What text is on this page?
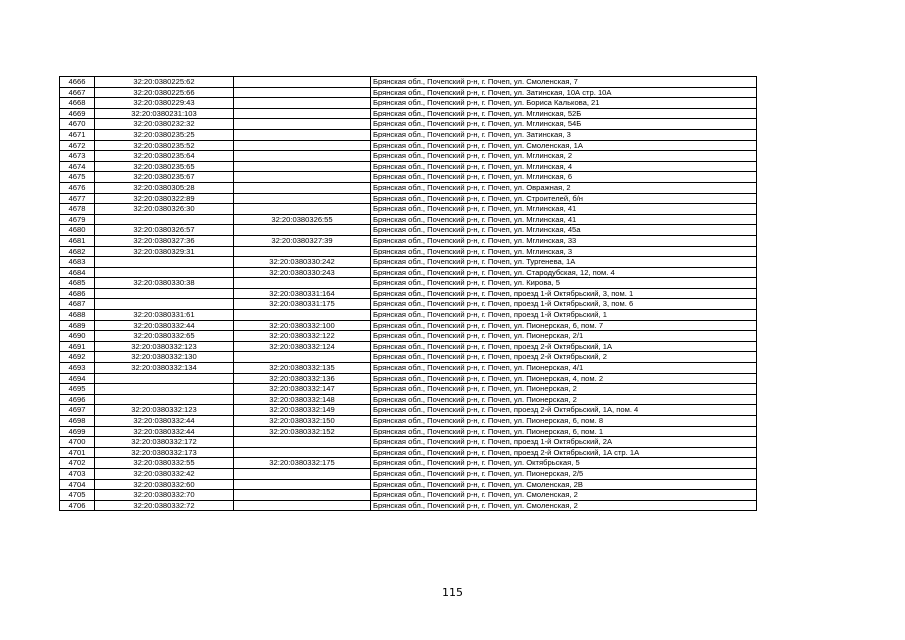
4666	32:20:0380225:62		Брянская обл., Почепский р-н, г. Почеп, ул. Смоленская, 7
4667	32:20:0380225:66		Брянская обл., Почепский р-н, г. Почеп, ул. Затинская, 10А стр. 10А
4668	32:20:0380229:43		Брянская обл., Почепский р-н, г. Почеп, ул. Бориса Калькова, 21
4669	32:20:0380231:103		Брянская обл., Почепский р-н, г. Почеп, ул. Мглинская, 52Б
4670	32:20:0380232:32		Брянская обл., Почепский р-н, г. Почеп, ул. Мглинская, 54Б
4671	32:20:0380235:25		Брянская обл., Почепский р-н, г. Почеп, ул. Затинская, 3
4672	32:20:0380235:52		Брянская обл., Почепский р-н, г. Почеп, ул. Смоленская, 1А
4673	32:20:0380235:64		Брянская обл., Почепский р-н, г. Почеп, ул. Мглинская, 2
4674	32:20:0380235:65		Брянская обл., Почепский р-н, г. Почеп, ул. Мглинская, 4
4675	32:20:0380235:67		Брянская обл., Почепский р-н, г. Почеп, ул. Мглинская, 6
4676	32:20:0380305:28		Брянская обл., Почепский р-н, г. Почеп, ул. Овражная, 2
4677	32:20:0380322:89		Брянская обл., Почепский р-н, г. Почеп, ул. Строителей, б/н
4678	32:20:0380326:30		Брянская обл., Почепский р-н, г. Почеп, ул. Мглинская, 41
4679		32:20:0380326:55	Брянская обл., Почепский р-н, г. Почеп, ул. Мглинская, 41
4680	32:20:0380326:57		Брянская обл., Почепский р-н, г. Почеп, ул. Мглинская, 45а
4681	32:20:0380327:36	32:20:0380327:39	Брянская обл., Почепский р-н, г. Почеп, ул. Мглинская, 33
4682	32:20:0380329:31		Брянская обл., Почепский р-н, г. Почеп, ул. Мглинская, 3
4683		32:20:0380330:242	Брянская обл., Почепский р-н, г. Почеп, ул. Тургенева, 1А
4684		32:20:0380330:243	Брянская обл., Почепский р-н, г. Почеп, ул. Стародубская, 12, пом. 4
4685	32:20:0380330:38		Брянская обл., Почепский р-н, г. Почеп, ул. Кирова, 5
4686		32:20:0380331:164	Брянская обл., Почепский р-н, г. Почеп, проезд 1-й Октябрьский, 3, пом. 1
4687		32:20:0380331:175	Брянская обл., Почепский р-н, г. Почеп, проезд 1-й Октябрьский, 3, пом. 6
4688	32:20:0380331:61		Брянская обл., Почепский р-н, г. Почеп, проезд 1-й Октябрьский, 1
4689	32:20:0380332:44	32:20:0380332:100	Брянская обл., Почепский р-н, г. Почеп, ул. Пионерская, 6, пом. 7
4690	32:20:0380332:65	32:20:0380332:122	Брянская обл., Почепский р-н, г. Почеп, ул. Пионерская, 2/1
4691	32:20:0380332:123	32:20:0380332:124	Брянская обл., Почепский р-н, г. Почеп, проезд 2-й Октябрьский, 1А
4692	32:20:0380332:130		Брянская обл., Почепский р-н, г. Почеп, проезд 2-й Октябрьский, 2
4693	32:20:0380332:134	32:20:0380332:135	Брянская обл., Почепский р-н, г. Почеп, ул. Пионерская, 4/1
4694		32:20:0380332:136	Брянская обл., Почепский р-н, г. Почеп, ул. Пионерская, 4, пом. 2
4695		32:20:0380332:147	Брянская обл., Почепский р-н, г. Почеп, ул. Пионерская, 2
4696		32:20:0380332:148	Брянская обл., Почепский р-н, г. Почеп, ул. Пионерская, 2
4697	32:20:0380332:123	32:20:0380332:149	Брянская обл., Почепский р-н, г. Почеп, проезд 2-й Октябрьский, 1А, пом. 4
4698	32:20:0380332:44	32:20:0380332:150	Брянская обл., Почепский р-н, г. Почеп, ул. Пионерская, 6, пом. 8
4699	32:20:0380332:44	32:20:0380332:152	Брянская обл., Почепский р-н, г. Почеп, ул. Пионерская, 6, пом. 1
4700	32:20:0380332:172		Брянская обл., Почепский р-н, г. Почеп, проезд 1-й Октябрьский, 2А
4701	32:20:0380332:173		Брянская обл., Почепский р-н, г. Почеп, проезд 2-й Октябрьский, 1А стр. 1А
4702	32:20:0380332:55	32:20:0380332:175	Брянская обл., Почепский р-н, г. Почеп, ул. Октябрьская, 5
4703	32:20:0380332:42		Брянская обл., Почепский р-н, г. Почеп, ул. Пионерская, 2/5
4704	32:20:0380332:60		Брянская обл., Почепский р-н, г. Почеп, ул. Смоленская, 2В
4705	32:20:0380332:70		Брянская обл., Почепский р-н, г. Почеп, ул. Смоленская, 2
4706	32:20:0380332:72		Брянская обл., Почепский р-н, г. Почеп, ул. Смоленская, 2
115
